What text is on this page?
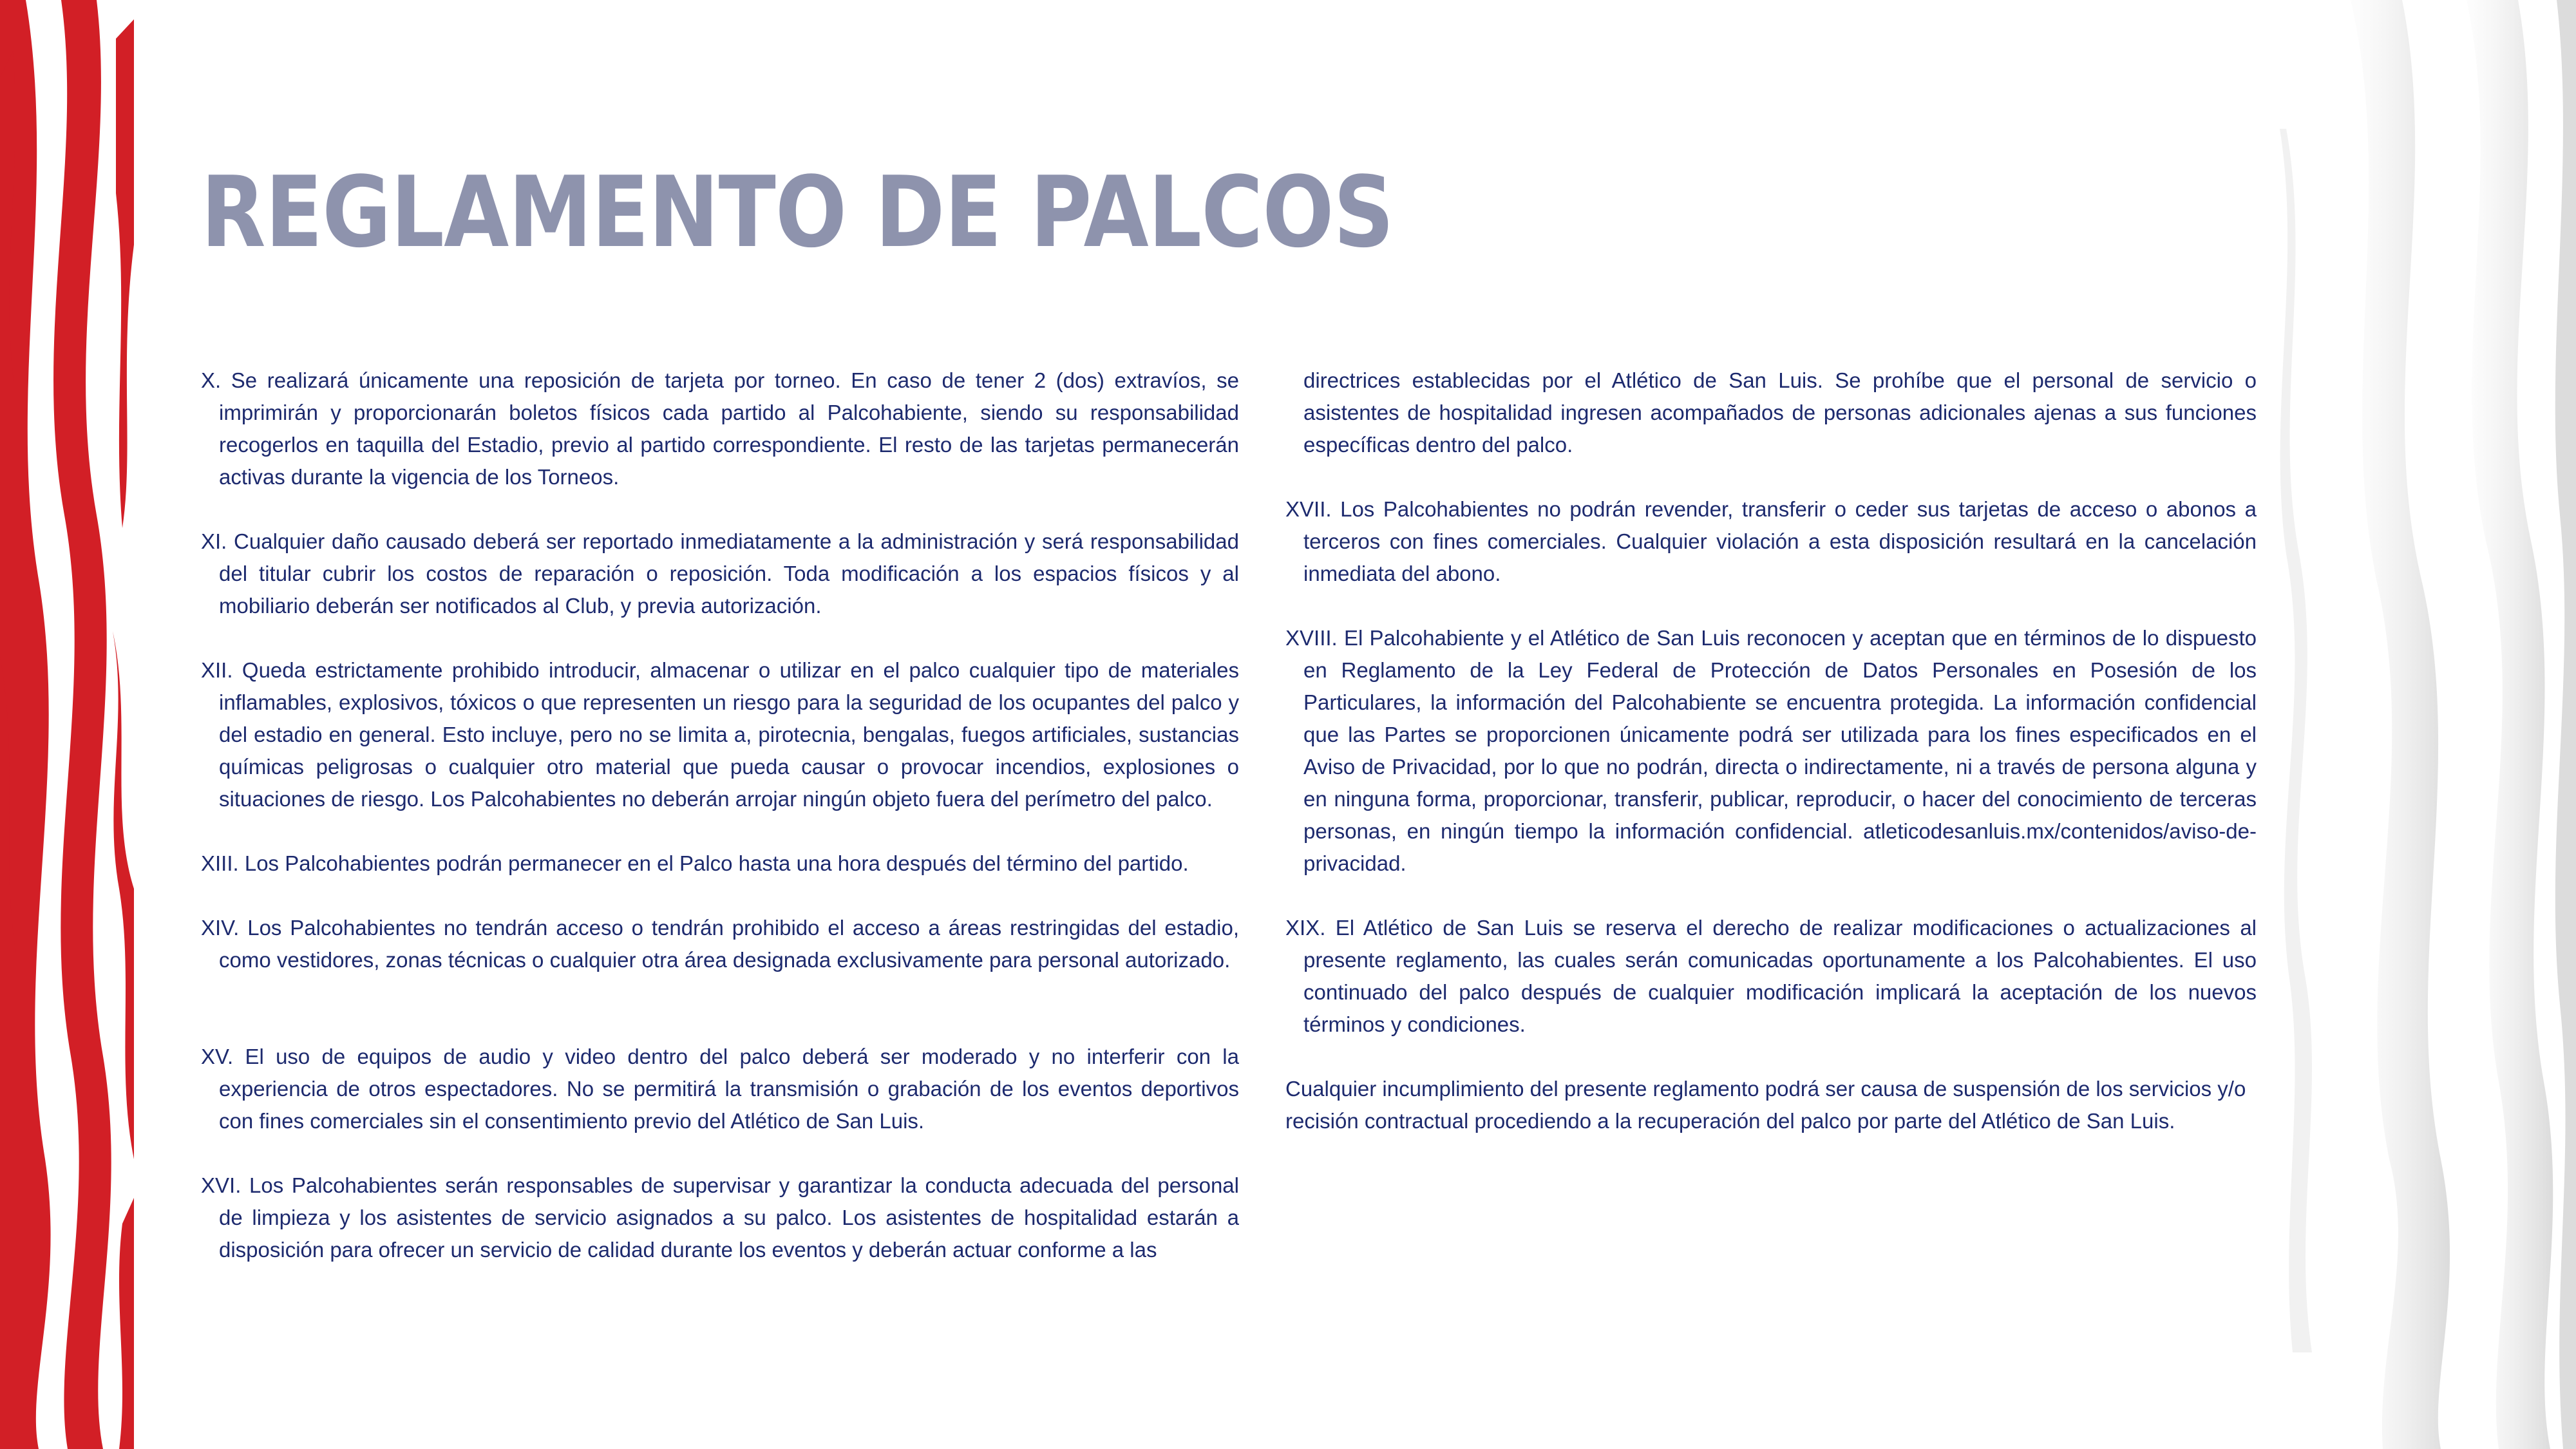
REGLAMENTO DE PALCOS

X. Se realizará únicamente una reposición de tarjeta por torneo. En caso de tener 2 (dos) extravíos, se imprimirán y proporcionarán boletos físicos cada partido al Palcohabiente, siendo su responsabilidad recogerlos en taquilla del Estadio, previo al partido correspondiente. El resto de las tarjetas permanecerán activas durante la vigencia de los Torneos.

XI. Cualquier daño causado deberá ser reportado inmediatamente a la administración y será responsabilidad del titular cubrir los costos de reparación o reposición. Toda modificación a los espacios físicos y al mobiliario deberán ser notificados al Club, y previa autorización.

XII. Queda estrictamente prohibido introducir, almacenar o utilizar en el palco cualquier tipo de materiales inflamables, explosivos, tóxicos o que representen un riesgo para la seguridad de los ocupantes del palco y del estadio en general. Esto incluye, pero no se limita a, pirotecnia, bengalas, fuegos artificiales, sustancias químicas peligrosas o cualquier otro material que pueda causar o provocar incendios, explosiones o situaciones de riesgo. Los Palcohabientes no deberán arrojar ningún objeto fuera del perímetro del palco.

XIII. Los Palcohabientes podrán permanecer en el Palco hasta una hora después del término del partido.

XIV. Los Palcohabientes no tendrán acceso o tendrán prohibido el acceso a áreas restringidas del estadio, como vestidores, zonas técnicas o cualquier otra área designada exclusivamente para personal autorizado.

XV. El uso de equipos de audio y video dentro del palco deberá ser moderado y no interferir con la experiencia de otros espectadores. No se permitirá la transmisión o grabación de los eventos deportivos con fines comerciales sin el consentimiento previo del Atlético de San Luis.

XVI. Los Palcohabientes serán responsables de supervisar y garantizar la conducta adecuada del personal de limpieza y los asistentes de servicio asignados a su palco. Los asistentes de hospitalidad estarán a disposición para ofrecer un servicio de calidad durante los eventos y deberán actuar conforme a las

directrices establecidas por el Atlético de San Luis. Se prohíbe que el personal de servicio o asistentes de hospitalidad ingresen acompañados de personas adicionales ajenas a sus funciones específicas dentro del palco.

XVII. Los Palcohabientes no podrán revender, transferir o ceder sus tarjetas de acceso o abonos a terceros con fines comerciales. Cualquier violación a esta disposición resultará en la cancelación inmediata del abono.

XVIII. El Palcohabiente y el Atlético de San Luis reconocen y aceptan que en términos de lo dispuesto en Reglamento de la Ley Federal de Protección de Datos Personales en Posesión de los Particulares, la información del Palcohabiente se encuentra protegida. La información confidencial que las Partes se proporcionen únicamente podrá ser utilizada para los fines especificados en el Aviso de Privacidad, por lo que no podrán, directa o indirectamente, ni a través de persona alguna y en ninguna forma, proporcionar, transferir, publicar, reproducir, o hacer del conocimiento de terceras personas, en ningún tiempo la información confidencial. atleticodesanluis.mx/contenidos/aviso-de-privacidad.

XIX. El Atlético de San Luis se reserva el derecho de realizar modificaciones o actualizaciones al presente reglamento, las cuales serán comunicadas oportunamente a los Palcohabientes. El uso continuado del palco después de cualquier modificación implicará la aceptación de los nuevos términos y condiciones.

Cualquier incumplimiento del presente reglamento podrá ser causa de suspensión de los servicios y/o recisión contractual procediendo a la recuperación del palco por parte del Atlético de San Luis.
